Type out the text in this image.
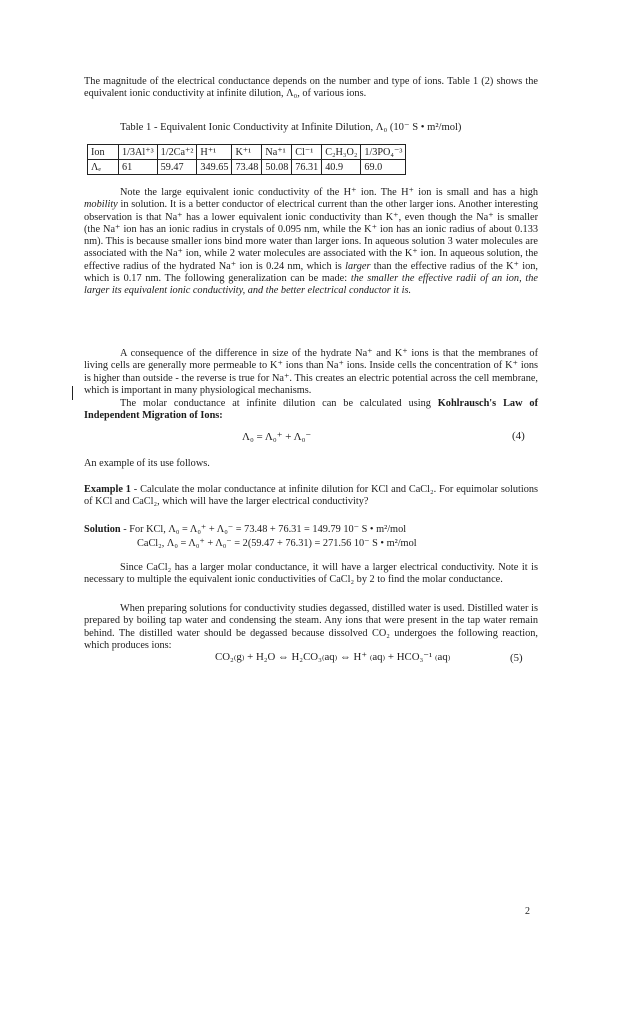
The magnitude of the electrical conductance depends on the number and type of ions. Table 1 (2) shows the equivalent ionic conductivity at infinite dilution, Λ₀, of various ions.
Table 1 - Equivalent Ionic Conductivity at Infinite Dilution, Λ₀ (10⁻ S • m²/mol)
Ion	1/3Al⁺³	1/2Ca⁺²	H⁺¹	K⁺¹	Na⁺¹	Cl⁻¹	C₂H₃O₂	1/3PO₄⁻³
Λₑ	61	59.47	349.65	73.48	50.08	76.31	40.9	69.0
Note the large equivalent ionic conductivity of the H⁺ ion. The H⁺ ion is small and has a high mobility in solution. It is a better conductor of electrical current than the other larger ions. Another interesting observation is that Na⁺ has a lower equivalent ionic conductivity than K⁺, even though the Na⁺ is smaller (the Na⁺ ion has an ionic radius in crystals of 0.095 nm, while the K⁺ ion has an ionic radius of about 0.133 nm). This is because smaller ions bind more water than larger ions. In aqueous solution 3 water molecules are associated with the Na⁺ ion, while 2 water molecules are associated with the K⁺ ion. In aqueous solution, the effective radius of the hydrated Na⁺ ion is 0.24 nm, which is larger than the effective radius of the K⁺ ion, which is 0.17 nm. The following generalization can be made: the smaller the effective radii of an ion, the larger its equivalent ionic conductivity, and the better electrical conductor it is.
A consequence of the difference in size of the hydrate Na⁺ and K⁺ ions is that the membranes of living cells are generally more permeable to K⁺ ions than Na⁺ ions. Inside cells the concentration of K⁺ ions is higher than outside - the reverse is true for Na⁺. This creates an electric potential across the cell membrane, which is important in many physiological mechanisms.
The molar conductance at infinite dilution can be calculated using Kohlrausch's Law of Independent Migration of Ions:
Λ₀ = Λ₀⁺ + Λ₀⁻	(4)
An example of its use follows.
Example 1 - Calculate the molar conductance at infinite dilution for KCl and CaCl₂. For equimolar solutions of KCl and CaCl₂, which will have the larger electrical conductivity?
Solution - For KCl, Λ₀ = Λ₀⁺ + Λ₀⁻ = 73.48 + 76.31 = 149.79 10⁻ S • m²/mol
CaCl₂, Λ₀ = Λ₀⁺ + Λ₀⁻ = 2(59.47 + 76.31) = 271.56 10⁻ S • m²/mol
Since CaCl₂ has a larger molar conductance, it will have a larger electrical conductivity. Note it is necessary to multiple the equivalent ionic conductivities of CaCl₂ by 2 to find the molar conductance.
When preparing solutions for conductivity studies degassed, distilled water is used. Distilled water is prepared by boiling tap water and condensing the steam. Any ions that were present in the tap water remain behind. The distilled water should be degassed because dissolved CO₂ undergoes the following reaction, which produces ions:
CO₂₍g₎ + H₂O ⇔ H₂CO₃₍aq₎ ⇔ H⁺ ₍aq₎ + HCO₃⁻¹ ₍aq₎	(5)
2
